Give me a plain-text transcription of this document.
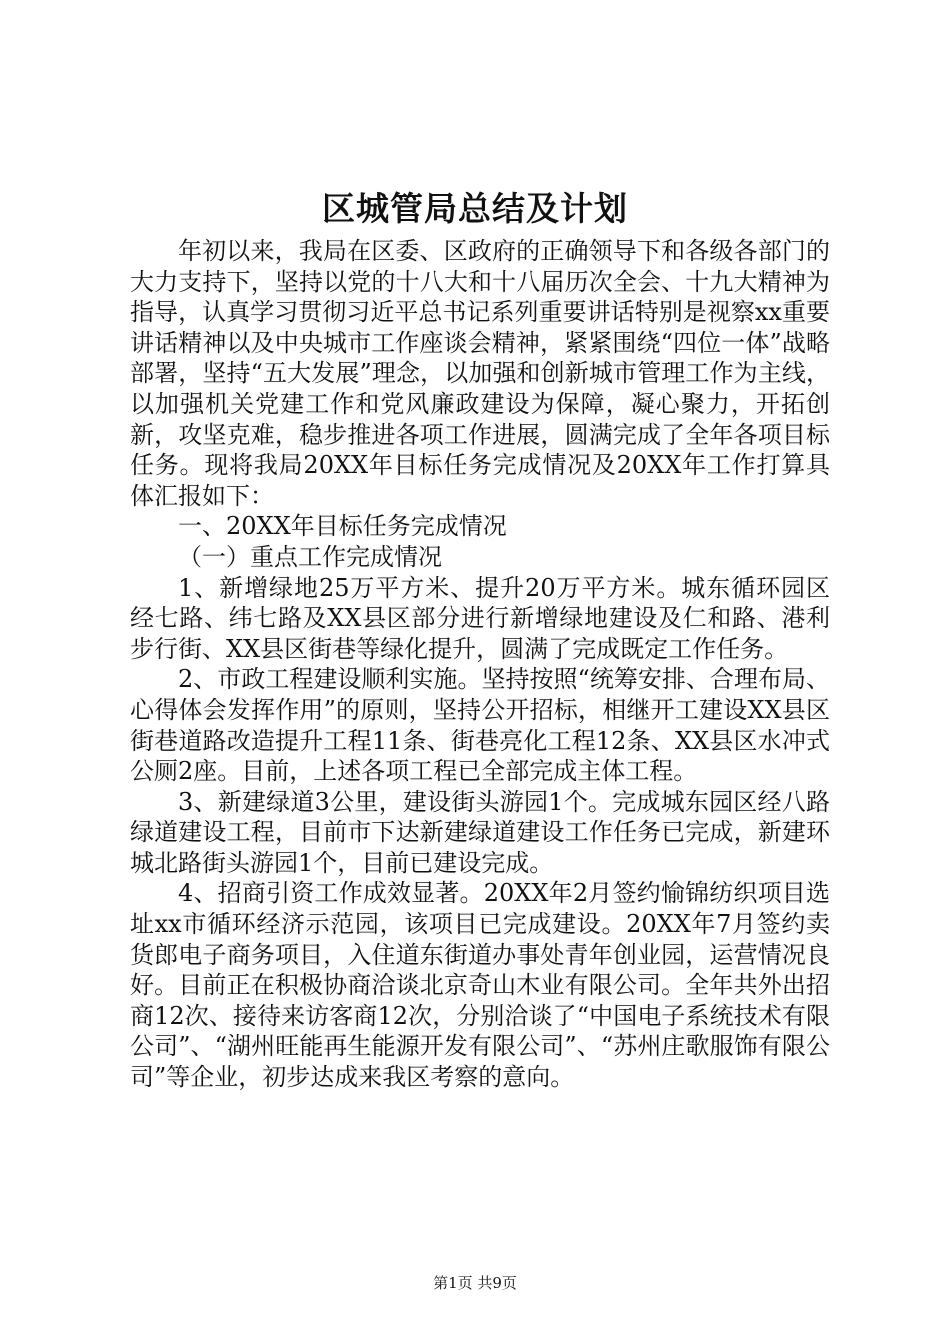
区城管局总结及计划

年初以来，我局在区委、区政府的正确领导下和各级各部门的大力支持下，坚持以党的十八大和十八届历次全会、十九大精神为指导，认真学习贯彻习近平总书记系列重要讲话特别是视察xx重要讲话精神以及中央城市工作座谈会精神，紧紧围绕“四位一体”战略部署，坚持“五大发展”理念，以加强和创新城市管理工作为主线，以加强机关党建工作和党风廉政建设为保障，凝心聚力，开拓创新，攻坚克难，稳步推进各项工作进展，圆满完成了全年各项目标任务。现将我局20XX年目标任务完成情况及20XX年工作打算具体汇报如下：

一、20XX年目标任务完成情况

（一）重点工作完成情况

1、新增绿地25万平方米、提升20万平方米。城东循环园区经七路、纬七路及XX县区部分进行新增绿地建设及仁和路、港利步行街、XX县区街巷等绿化提升，圆满了完成既定工作任务。

2、市政工程建设顺利实施。坚持按照“统筹安排、合理布局、心得体会发挥作用”的原则，坚持公开招标，相继开工建设XX县区街巷道路改造提升工程11条、街巷亮化工程12条、XX县区水冲式公厕2座。目前，上述各项工程已全部完成主体工程。

3、新建绿道3公里，建设街头游园1个。完成城东园区经八路绿道建设工程，目前市下达新建绿道建设工作任务已完成，新建环城北路街头游园1个，目前已建设完成。

4、招商引资工作成效显著。20XX年2月签约愉锦纺织项目选址xx市循环经济示范园，该项目已完成建设。20XX年7月签约卖货郎电子商务项目，入住道东街道办事处青年创业园，运营情况良好。目前正在积极协商洽谈北京奇山木业有限公司。全年共外出招商12次、接待来访客商12次，分别洽谈了“中国电子系统技术有限公司”、“湖州旺能再生能源开发有限公司”、“苏州庄歌服饰有限公司”等企业，初步达成来我区考察的意向。

第1页 共9页
